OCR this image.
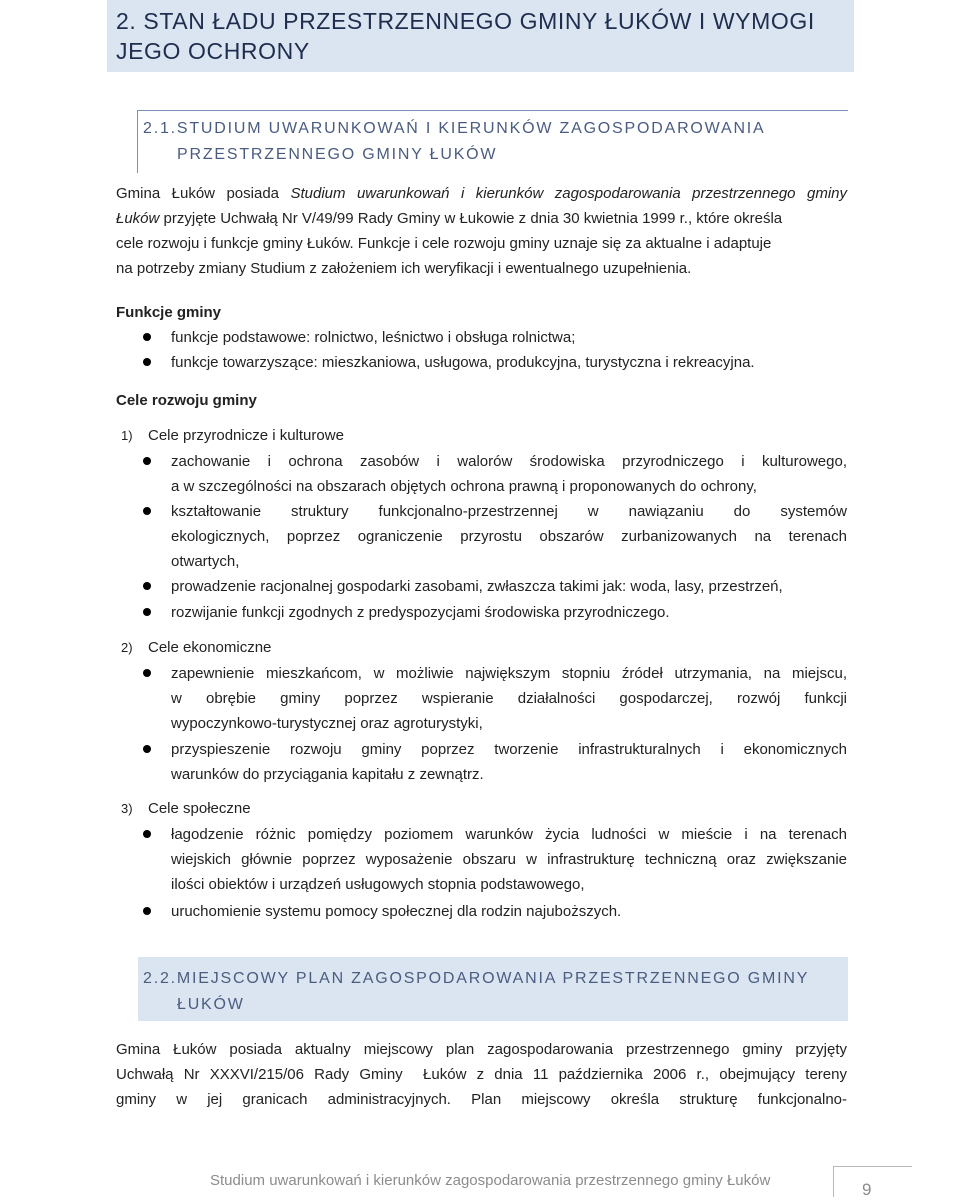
2. STAN ŁADU PRZESTRZENNEGO GMINY ŁUKÓW I WYMOGI
JEGO OCHRONY
2.1.STUDIUM UWARUNKOWAŃ I KIERUNKÓW ZAGOSPODAROWANIA
PRZESTRZENNEGO GMINY ŁUKÓW
Gmina Łuków posiada Studium uwarunkowań i kierunków zagospodarowania przestrzennego gminy
Łuków przyjęte Uchwałą Nr V/49/99 Rady Gminy w Łukowie z dnia 30 kwietnia 1999 r., które określa
cele rozwoju i funkcje gminy Łuków. Funkcje i cele rozwoju gminy uznaje się za aktualne i adaptuje
na potrzeby zmiany Studium z założeniem ich weryfikacji i ewentualnego uzupełnienia.
Funkcje gminy
funkcje podstawowe: rolnictwo, leśnictwo i obsługa rolnictwa;
funkcje towarzyszące: mieszkaniowa, usługowa, produkcyjna, turystyczna i rekreacyjna.
Cele rozwoju gminy
1) Cele przyrodnicze i kulturowe
zachowanie i ochrona zasobów i walorów środowiska przyrodniczego i kulturowego,
a w szczególności na obszarach objętych ochrona prawną i proponowanych do ochrony,
kształtowanie struktury funkcjonalno-przestrzennej w nawiązaniu do systemów
ekologicznych, poprzez ograniczenie przyrostu obszarów zurbanizowanych na terenach
otwartych,
prowadzenie racjonalnej gospodarki zasobami, zwłaszcza takimi jak: woda, lasy, przestrzeń,
rozwijanie funkcji zgodnych z predyspozycjami środowiska przyrodniczego.
2) Cele ekonomiczne
zapewnienie mieszkańcom, w możliwie największym stopniu źródeł utrzymania, na miejscu,
w obrębie gminy poprzez wspieranie działalności gospodarczej, rozwój funkcji
wypoczynkowo-turystycznej oraz agroturystyki,
przyspieszenie rozwoju gminy poprzez tworzenie infrastrukturalnych i ekonomicznych
warunków do przyciągania kapitału z zewnątrz.
3) Cele społeczne
łagodzenie różnic pomiędzy poziomem warunków życia ludności w mieście i na terenach
wiejskich głównie poprzez wyposażenie obszaru w infrastrukturę techniczną oraz zwiększanie
ilości obiektów i urządzeń usługowych stopnia podstawowego,
uruchomienie systemu pomocy społecznej dla rodzin najuboższych.
2.2.MIEJSCOWY PLAN ZAGOSPODAROWANIA PRZESTRZENNEGO GMINY
ŁUKÓW
Gmina Łuków posiada aktualny miejscowy plan zagospodarowania przestrzennego gminy przyjęty
Uchwałą Nr XXXVI/215/06 Rady Gminy  Łuków z dnia 11 października 2006 r., obejmujący tereny
gminy w jej granicach administracyjnych. Plan miejscowy określa strukturę funkcjonalno-
Studium uwarunkowań i kierunków zagospodarowania przestrzennego gminy Łuków	9
